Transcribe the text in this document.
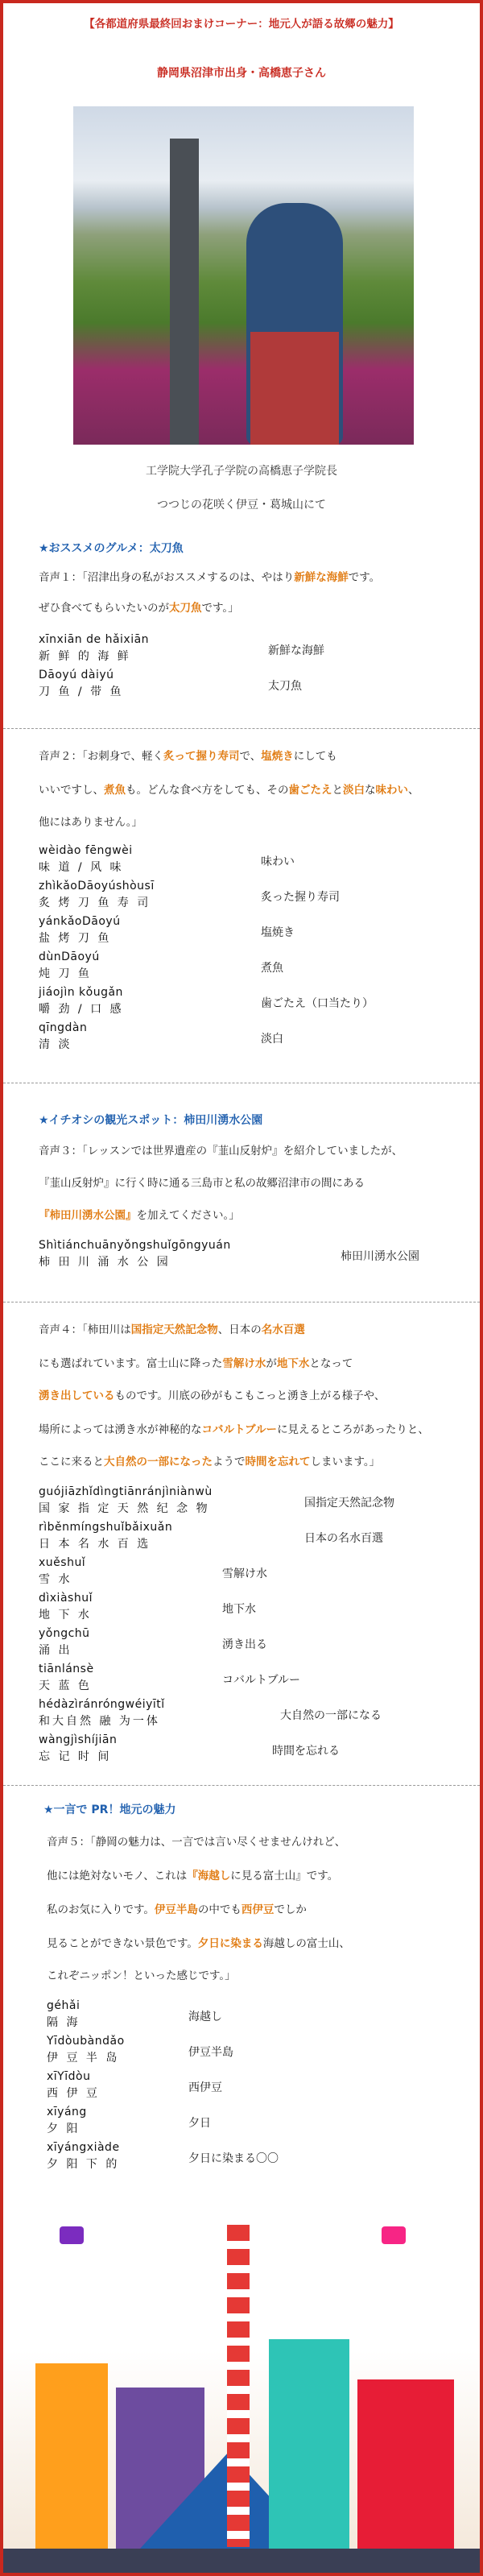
【各都道府県最終回おまけコーナー：地元人が語る故郷の魅力】
静岡県沼津市出身・高橋恵子さん
工学院大学孔子学院の高橋恵子学院長
つつじの花咲く伊豆・葛城山にて
★おススメのグルメ：太刀魚
音声１：「沼津出身の私がおススメするのは、やはり新鮮な海鮮です。
ぜひ食べてもらいたいのが太刀魚です。」
xīnxiān de hǎixiān
新 鲜 的 海 鲜	新鮮な海鮮
Dāoyú dàiyú
刀 鱼 / 带 鱼	太刀魚
音声２：「お刺身で、軽く炙って握り寿司で、塩焼きにしても
いいですし、煮魚も。どんな食べ方をしても、その歯ごたえと淡白な味わい、
他にはありません。」
wèidào fēngwèi
味 道 / 风 味	味わい
zhìkǎoDāoyúshòusī
炙 烤 刀 鱼 寿 司	炙った握り寿司
yánkǎoDāoyú
盐 烤 刀 鱼	塩焼き
dùnDāoyú
炖 刀 鱼	煮魚
jiáojìn kǒugǎn
嚼 劲 / 口 感	歯ごたえ（口当たり）
qīngdàn
清 淡	淡白
★イチオシの観光スポット：柿田川湧水公園
音声３：「レッスンでは世界遺産の『韮山反射炉』を紹介していましたが、
『韮山反射炉』に行く時に通る三島市と私の故郷沼津市の間にある
『柿田川湧水公園』を加えてください。」
Shìtiánchuānyǒngshuǐgōngyuán
柿 田 川 涌 水 公 园	柿田川湧水公園
音声４：「柿田川は国指定天然記念物、日本の名水百選
にも選ばれています。富士山に降った雪解け水が地下水となって
湧き出しているものです。川底の砂がもこもこっと湧き上がる様子や、
場所によっては湧き水が神秘的なコバルトブルーに見えるところがあったりと、
ここに来ると大自然の一部になったようで時間を忘れてしまいます。」
guójiāzhǐdìngtiānránjìniànwù
国 家 指 定 天 然 纪 念 物	国指定天然記念物
rìběnmíngshuǐbǎixuǎn
日 本 名 水 百 选	日本の名水百選
xuěshuǐ
雪 水	雪解け水
dìxiàshuǐ
地 下 水	地下水
yǒngchū
涌 出	湧き出る
tiānlánsè
天 蓝 色	コバルトブルー
hédàzìránróngwéiyītǐ
和大自然 融 为一体	大自然の一部になる
wàngjìshíjiān
忘 记 时 间	時間を忘れる
★一言で PR！地元の魅力
音声５：「静岡の魅力は、一言では言い尽くせませんけれど、
他には絶対ないモノ、これは『海越しに見る富士山』です。
私のお気に入りです。伊豆半島の中でも西伊豆でしか
見ることができない景色です。夕日に染まる海越しの富士山、
これぞニッポン！といった感じです。」
géhǎi
隔 海	海越し
Yīdòubàndǎo
伊 豆 半 岛	伊豆半島
xīYīdòu
西 伊 豆	西伊豆
xīyáng
夕 阳	夕日
xīyángxiàde
夕 阳 下 的	夕日に染まる〇〇
